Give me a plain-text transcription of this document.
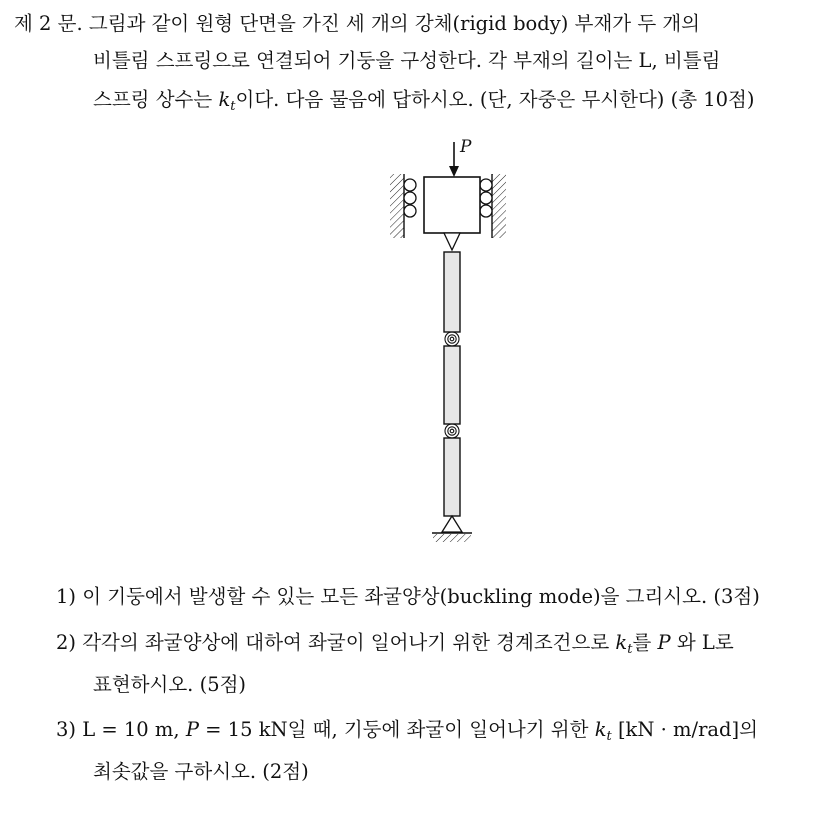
제 2 문. 그림과 같이 원형 단면을 가진 세 개의 강체(rigid body) 부재가 두 개의
비틀림 스프링으로 연결되어 기둥을 구성한다. 각 부재의 길이는 L, 비틀림
스프링 상수는 $k_t$이다. 다음 물음에 답하시오. (단, 자중은 무시한다) (총 10점)
P
1) 이 기둥에서 발생할 수 있는 모든 좌굴양상(buckling mode)을 그리시오. (3점)
2) 각각의 좌굴양상에 대하여 좌굴이 일어나기 위한 경계조건으로 $k_t$를 P 와 L로
표현하시오. (5점)
3) L = 10 m, P = 15 kN일 때, 기둥에 좌굴이 일어나기 위한 $k_t$ [kN · m/rad]의
최솟값을 구하시오. (2점)
